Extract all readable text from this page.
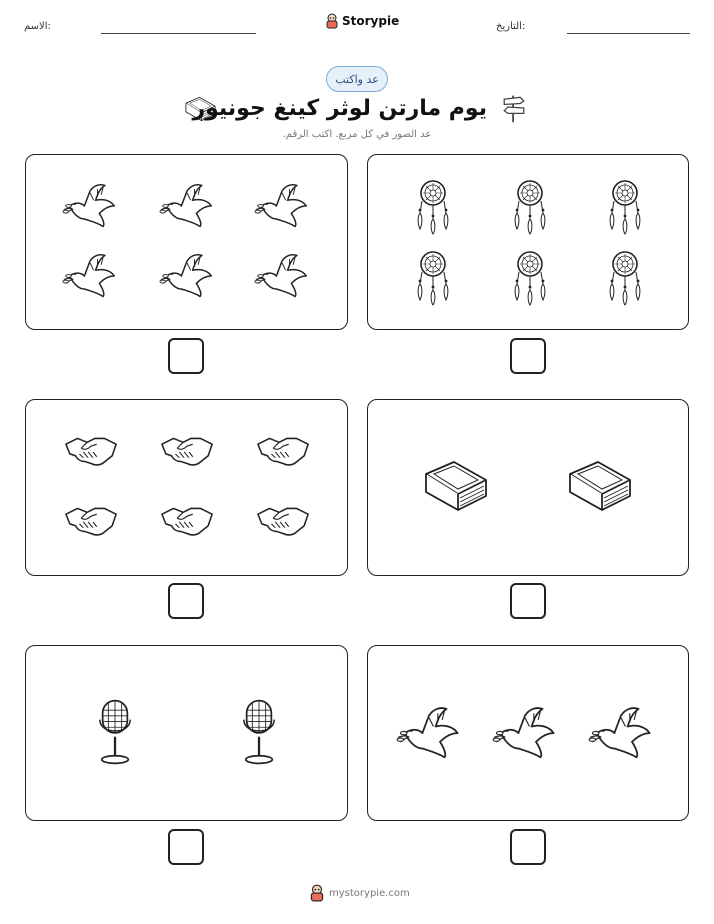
الاسم:	Storypie	التاريخ:
عد واكتب
يوم مارتن لوثر كينغ جونيور
عد الصور في كل مربع. اكتب الرقم.
mystorypie.com
